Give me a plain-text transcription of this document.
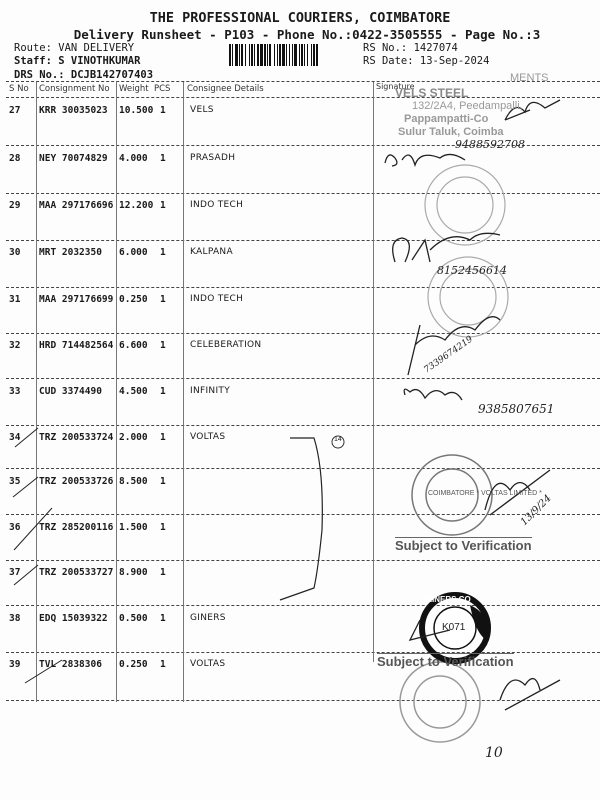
THE PROFESSIONAL COURIERS, COIMBATORE
Delivery Runsheet - P103 - Phone No.:0422-3505555 - Page No.:3
Route: VAN DELIVERY
Staff: S VINOTHKUMAR
DRS No.: DCJB142707403
RS No.: 1427074
RS Date: 13-Sep-2024
S No Consignment No Weight PCS Consignee Details	Signature
27 KRR 30035023 10.500 1	VELS
28 NEY 70074829 4.000 1	PRASADH
29 MAA 297176696 12.200 1	INDO TECH
30 MRT 2032350 6.000 1	KALPANA
31 MAA 297176699 0.250 1	INDO TECH
32 HRD 714482564 6.600 1	CELEBERATION
33 CUD 3374490 4.500 1	INFINITY
34 TRZ 200533724 2.000 1	VOLTAS
35 TRZ 200533726 8.500 1
36 TRZ 285200116 1.500 1
37 TRZ 200533727 8.900 1
38 EDQ 15039322 0.500 1	GINERS
39 TVL 2838306 0.250 1	VOLTAS
VELS STEEL
MENTS
132/2A4, Peedampalli,
Pappampatti-Co
Sulur Taluk, Coimba
COIMBATORE * VOLTAS LIMITED *
GAINERS CO
K071
Subject to Verification
Subject to Verification
9488592708
8152456614
7339674219
9385807651
14
13/9/24
10
